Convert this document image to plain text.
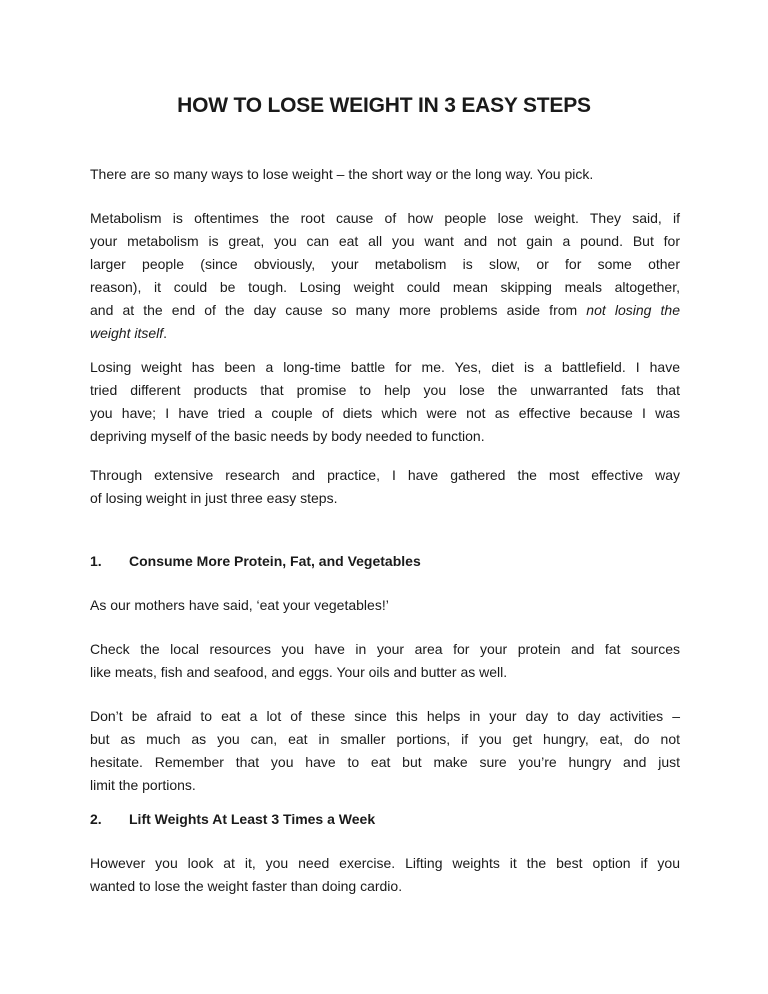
HOW TO LOSE WEIGHT IN 3 EASY STEPS
There are so many ways to lose weight – the short way or the long way. You pick.
Metabolism is oftentimes the root cause of how people lose weight. They said, if
your metabolism is great, you can eat all you want and not gain a pound. But for
larger people (since obviously, your metabolism is slow, or for some other
reason), it could be tough. Losing weight could mean skipping meals altogether,
and at the end of the day cause so many more problems aside from not losing the
weight itself.
Losing weight has been a long-time battle for me. Yes, diet is a battlefield. I have
tried different products that promise to help you lose the unwarranted fats that
you have; I have tried a couple of diets which were not as effective because I was
depriving myself of the basic needs by body needed to function.
Through extensive research and practice, I have gathered the most effective way
of losing weight in just three easy steps.
1. Consume More Protein, Fat, and Vegetables
As our mothers have said, ‘eat your vegetables!’
Check the local resources you have in your area for your protein and fat sources
like meats, fish and seafood, and eggs. Your oils and butter as well.
Don’t be afraid to eat a lot of these since this helps in your day to day activities –
but as much as you can, eat in smaller portions, if you get hungry, eat, do not
hesitate. Remember that you have to eat but make sure you’re hungry and just
limit the portions.
2. Lift Weights At Least 3 Times a Week
However you look at it, you need exercise. Lifting weights it the best option if you
wanted to lose the weight faster than doing cardio.
